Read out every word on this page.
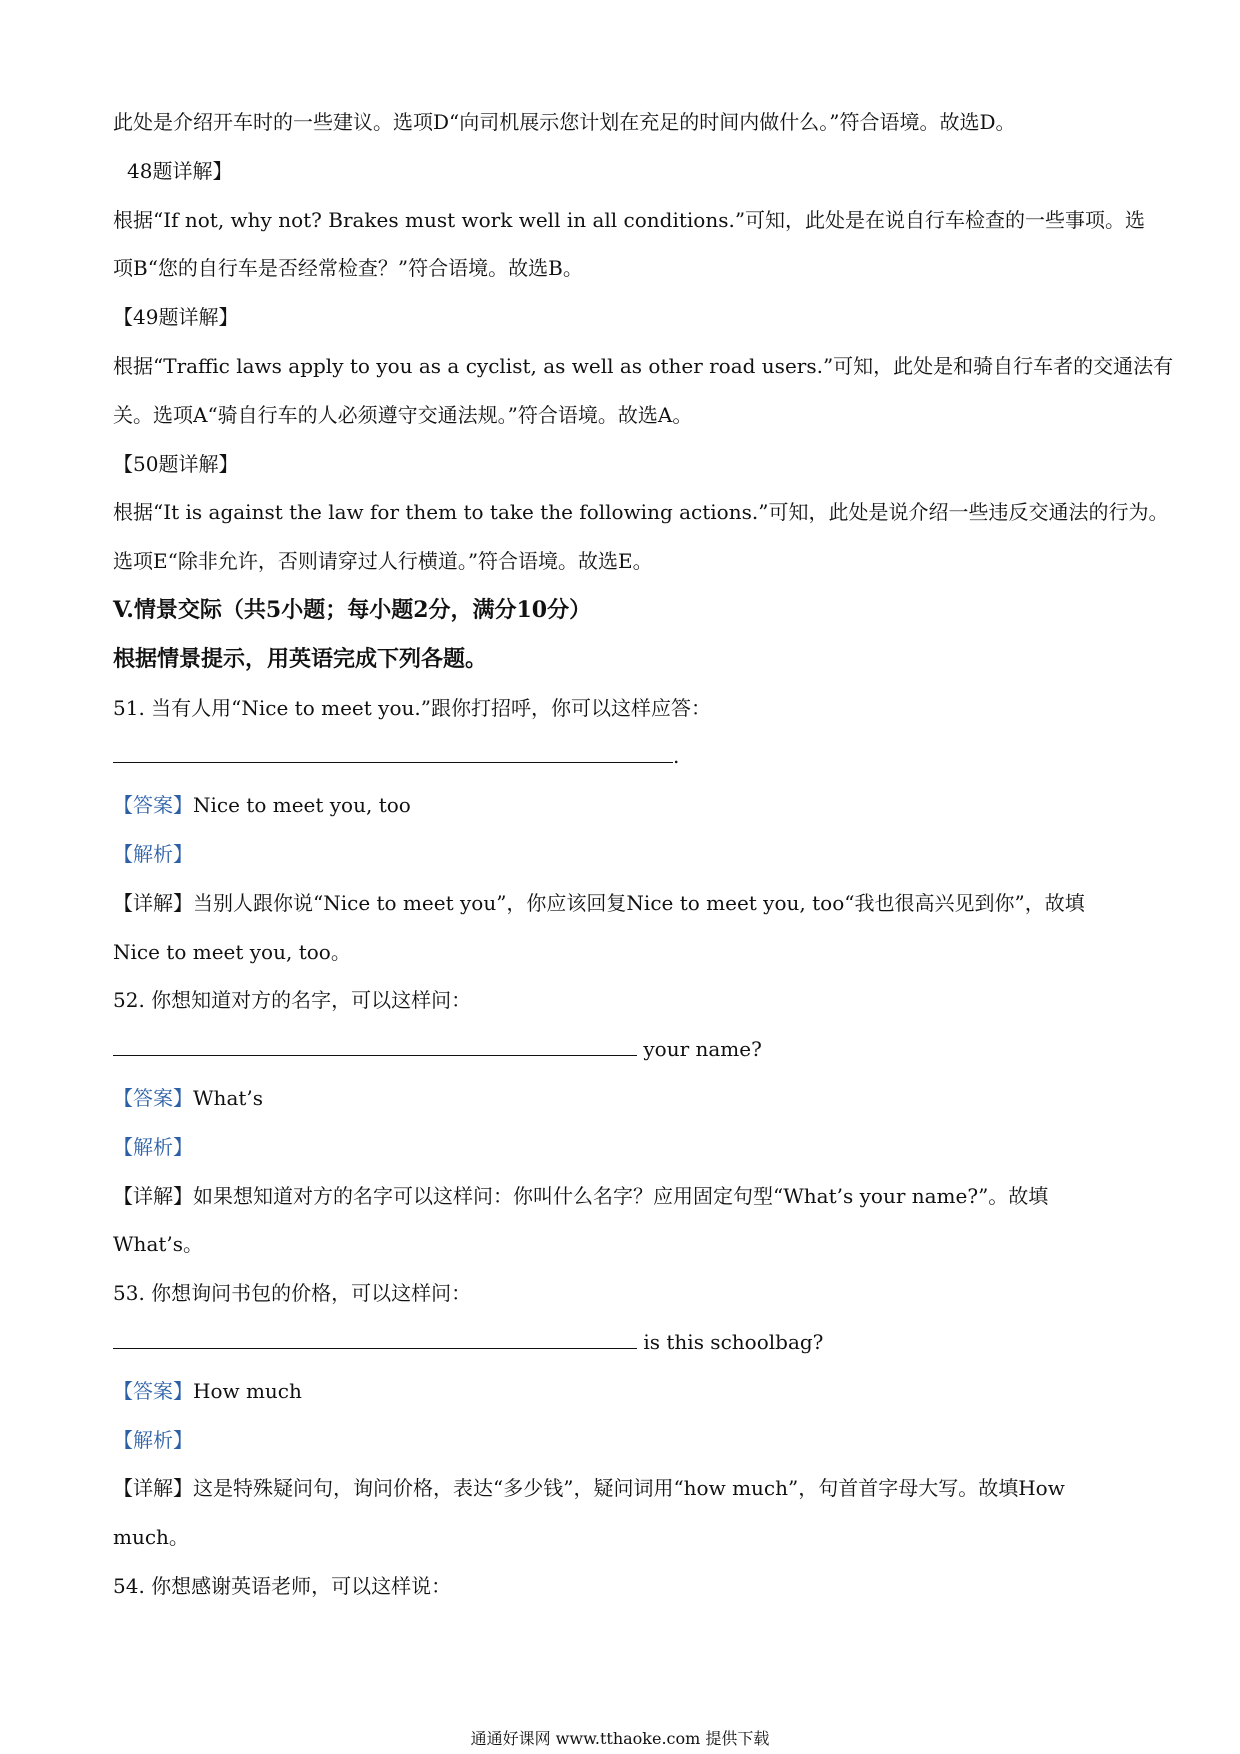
此处是介绍开车时的一些建议。选项D“向司机展示您计划在充足的时间内做什么。”符合语境。故选D。
48题详解】
根据“If not, why not? Brakes must work well in all conditions.”可知，此处是在说自行车检查的一些事项。选
项B“您的自行车是否经常检查？”符合语境。故选B。
【49题详解】
根据“Traffic laws apply to you as a cyclist, as well as other road users.”可知，此处是和骑自行车者的交通法有
关。选项A“骑自行车的人必须遵守交通法规。”符合语境。故选A。
【50题详解】
根据“It is against the law for them to take the following actions.”可知，此处是说介绍一些违反交通法的行为。
选项E“除非允许，否则请穿过人行横道。”符合语境。故选E。
V.情景交际（共5小题；每小题2分，满分10分）
根据情景提示，用英语完成下列各题。
51. 当有人用“Nice to meet you.”跟你打招呼，你可以这样应答：
.
【答案】Nice to meet you, too
【解析】
【详解】当别人跟你说“Nice to meet you”，你应该回复Nice to meet you, too“我也很高兴见到你”，故填
Nice to meet you, too。
52. 你想知道对方的名字，可以这样问：
your name?
【答案】What’s
【解析】
【详解】如果想知道对方的名字可以这样问：你叫什么名字？应用固定句型“What’s your name?”。故填
What’s。
53. 你想询问书包的价格，可以这样问：
is this schoolbag?
【答案】How much
【解析】
【详解】这是特殊疑问句，询问价格，表达“多少钱”，疑问词用“how much”，句首首字母大写。故填How
much。
54. 你想感谢英语老师，可以这样说：
通通好课网 www.tthaoke.com 提供下载
